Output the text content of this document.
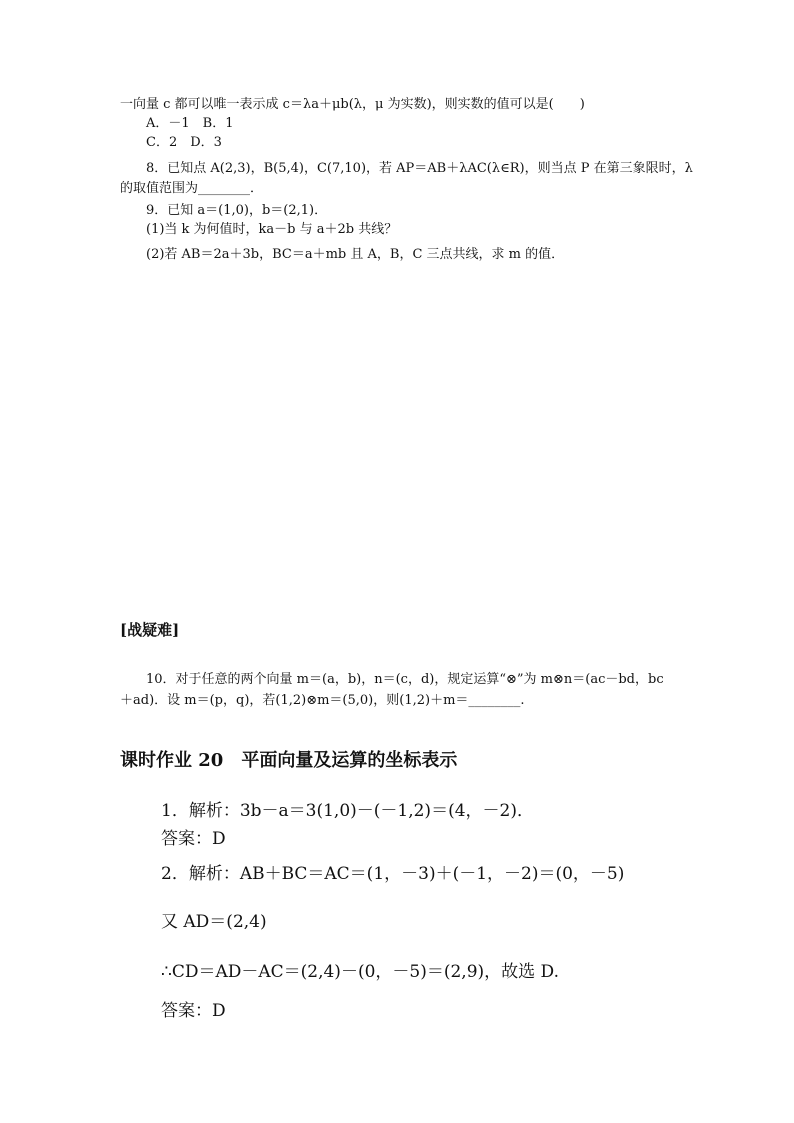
一向量 c 都可以唯一表示成 c＝λa＋μb(λ，μ 为实数)，则实数的值可以是(　　)
A．－1　B．1
C．2　D．3
8．已知点 A(2,3)，B(5,4)，C(7,10)，若 AP＝AB＋λAC(λ∈R)，则当点 P 在第三象限时，λ
的取值范围为________．
9．已知 a＝(1,0)，b＝(2,1)．
(1)当 k 为何值时，ka－b 与 a＋2b 共线？
(2)若 AB＝2a＋3b，BC＝a＋mb 且 A，B，C 三点共线，求 m 的值．
[战疑难]
10．对于任意的两个向量 m＝(a，b)，n＝(c，d)，规定运算“⊗”为 m⊗n＝(ac－bd，bc
＋ad)．设 m＝(p，q)，若(1,2)⊗m＝(5,0)，则(1,2)＋m＝________.
课时作业 20　平面向量及运算的坐标表示
1．解析：3b－a＝3(1,0)－(－1,2)＝(4，－2)．
答案：D
2．解析：AB＋BC＝AC＝(1，－3)＋(－1，－2)＝(0，－5)
又 AD＝(2,4)
∴CD＝AD－AC＝(2,4)－(0，－5)＝(2,9)，故选 D.
答案：D
